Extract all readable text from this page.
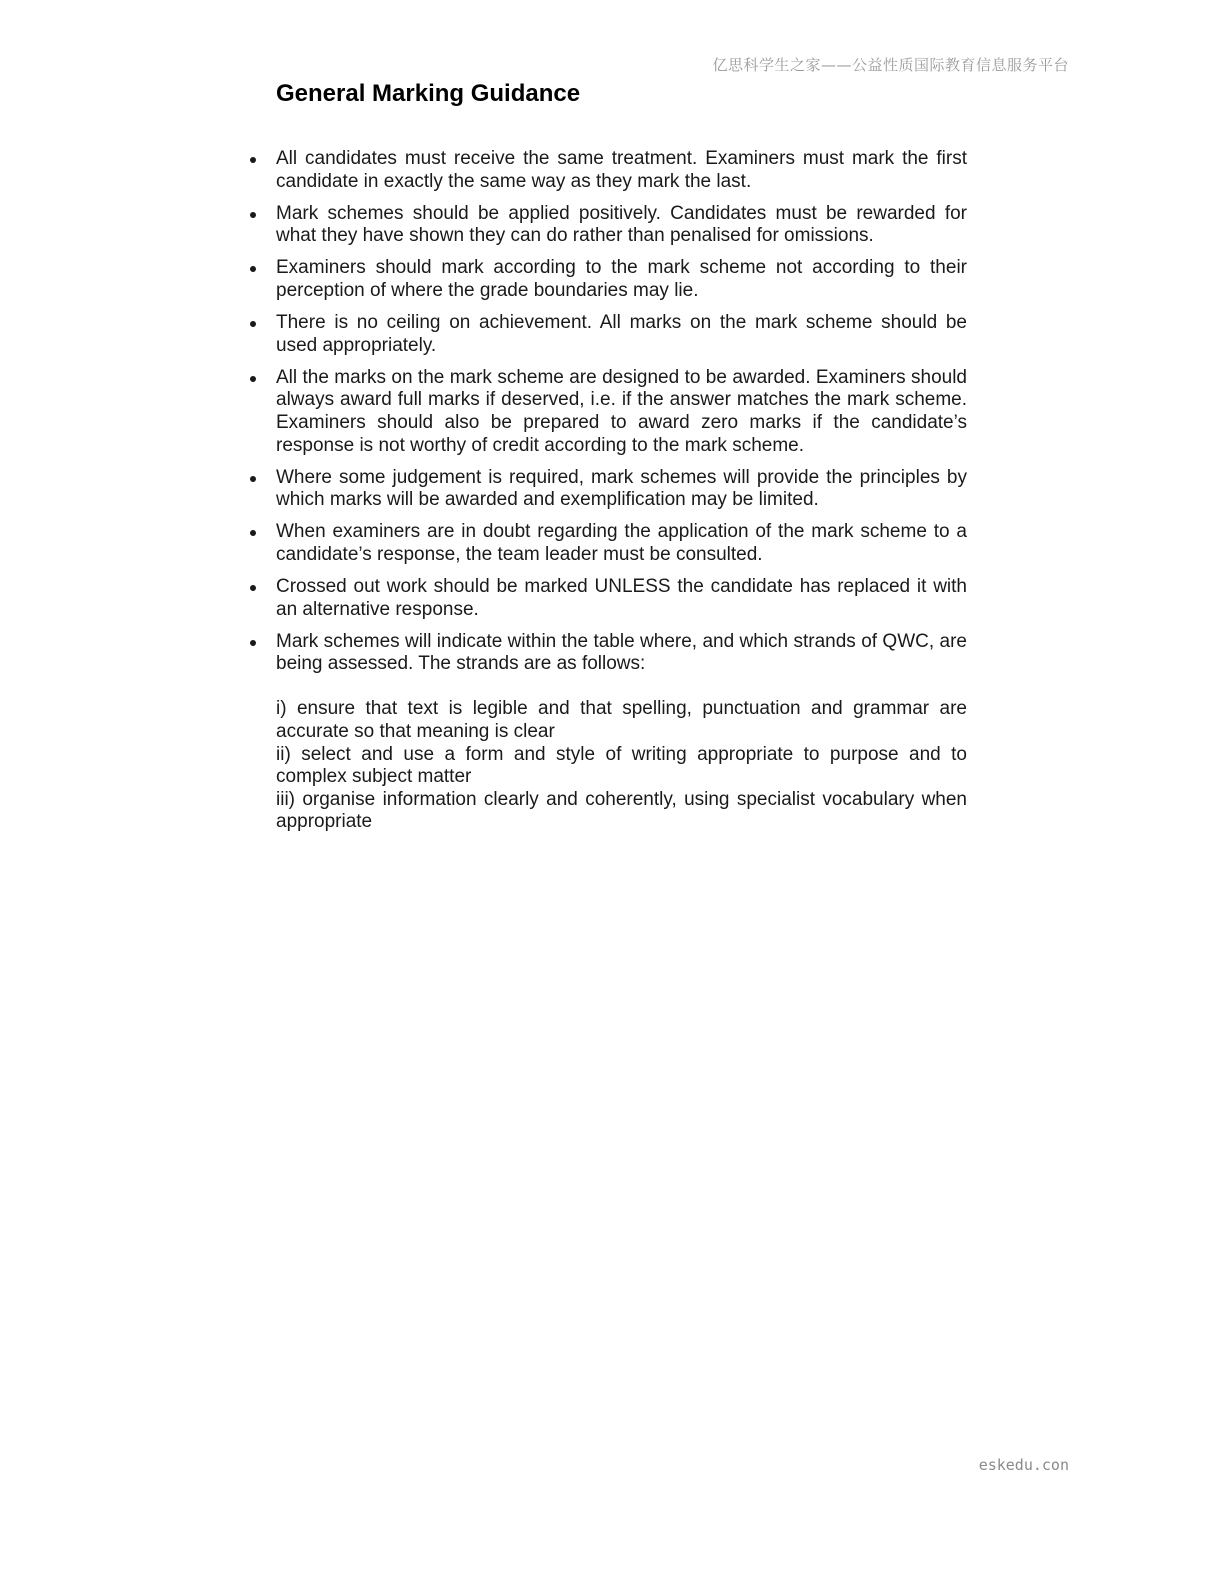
亿思科学生之家——公益性质国际教育信息服务平台
General Marking Guidance
All candidates must receive the same treatment. Examiners must mark the first candidate in exactly the same way as they mark the last.
Mark schemes should be applied positively. Candidates must be rewarded for what they have shown they can do rather than penalised for omissions.
Examiners should mark according to the mark scheme not according to their perception of where the grade boundaries may lie.
There is no ceiling on achievement. All marks on the mark scheme should be used appropriately.
All the marks on the mark scheme are designed to be awarded. Examiners should always award full marks if deserved, i.e. if the answer matches the mark scheme. Examiners should also be prepared to award zero marks if the candidate’s response is not worthy of credit according to the mark scheme.
Where some judgement is required, mark schemes will provide the principles by which marks will be awarded and exemplification may be limited.
When examiners are in doubt regarding the application of the mark scheme to a candidate’s response, the team leader must be consulted.
Crossed out work should be marked UNLESS the candidate has replaced it with an alternative response.
Mark schemes will indicate within the table where, and which strands of QWC, are being assessed. The strands are as follows:
i) ensure that text is legible and that spelling, punctuation and grammar are accurate so that meaning is clear
ii) select and use a form and style of writing appropriate to purpose and to complex subject matter
iii) organise information clearly and coherently, using specialist vocabulary when appropriate
eskedu.con
